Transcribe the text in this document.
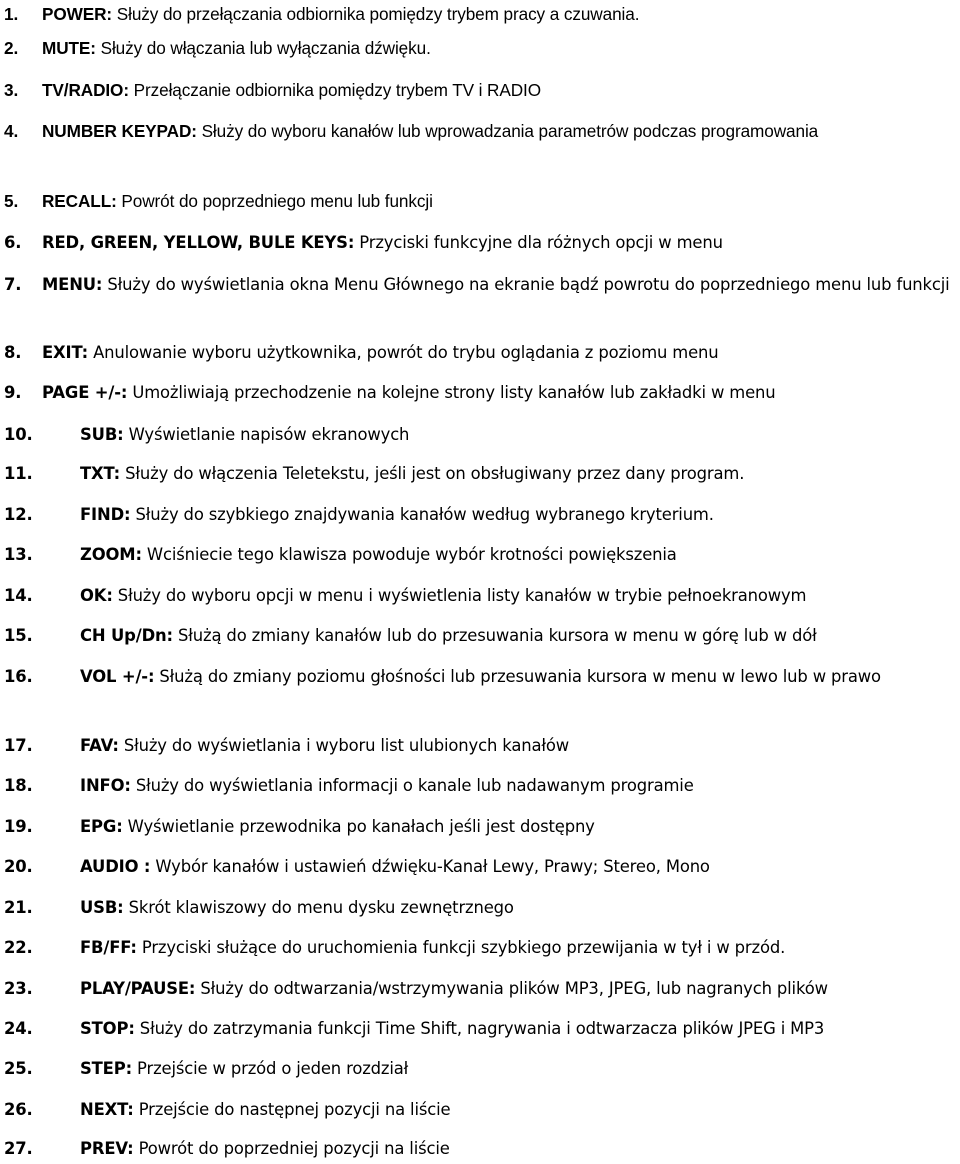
1. POWER: Służy do przełączania odbiornika pomiędzy trybem pracy a czuwania.
2. MUTE: Służy do włączania lub wyłączania dźwięku.
3. TV/RADIO: Przełączanie odbiornika pomiędzy trybem TV i RADIO
4. NUMBER KEYPAD: Służy do wyboru kanałów lub wprowadzania parametrów podczas programowania
5. RECALL: Powrót do poprzedniego menu lub funkcji
6. RED, GREEN, YELLOW, BULE KEYS: Przyciski funkcyjne dla różnych opcji w menu
7. MENU: Służy do wyświetlania okna Menu Głównego na ekranie bądź powrotu do poprzedniego menu lub funkcji
8. EXIT: Anulowanie wyboru użytkownika, powrót do trybu oglądania z poziomu menu
9. PAGE +/-: Umożliwiają przechodzenie na kolejne strony listy kanałów lub zakładki w menu
10.	SUB: Wyświetlanie napisów ekranowych
11.	TXT: Służy do włączenia Teletekstu, jeśli jest on obsługiwany przez dany program.
12.	FIND: Służy do szybkiego znajdywania kanałów według wybranego kryterium.
13.	ZOOM: Wciśniecie tego klawisza powoduje wybór krotności powiększenia
14.	OK: Służy do wyboru opcji w menu i wyświetlenia listy kanałów w trybie pełnoekranowym
15.	CH Up/Dn: Służą do zmiany kanałów lub do przesuwania kursora w menu w górę lub w dół
16.	VOL +/-: Służą do zmiany poziomu głośności lub przesuwania kursora w menu w lewo lub w prawo
17.	FAV: Służy do wyświetlania i wyboru list ulubionych kanałów
18.	INFO: Służy do wyświetlania informacji o kanale lub nadawanym programie
19.	EPG: Wyświetlanie przewodnika po kanałach jeśli jest dostępny
20.	AUDIO : Wybór kanałów i ustawień dźwięku-Kanał Lewy, Prawy; Stereo, Mono
21.	USB: Skrót klawiszowy do menu dysku zewnętrznego
22.	FB/FF: Przyciski służące do uruchomienia funkcji szybkiego przewijania w tył i w przód.
23.	PLAY/PAUSE: Służy do odtwarzania/wstrzymywania plików MP3, JPEG, lub nagranych plików
24.	STOP: Służy do zatrzymania funkcji Time Shift, nagrywania i odtwarzacza plików JPEG i MP3
25.	STEP: Przejście w przód o jeden rozdział
26.	NEXT: Przejście do następnej pozycji na liście
27.	PREV: Powrót do poprzedniej pozycji na liście
